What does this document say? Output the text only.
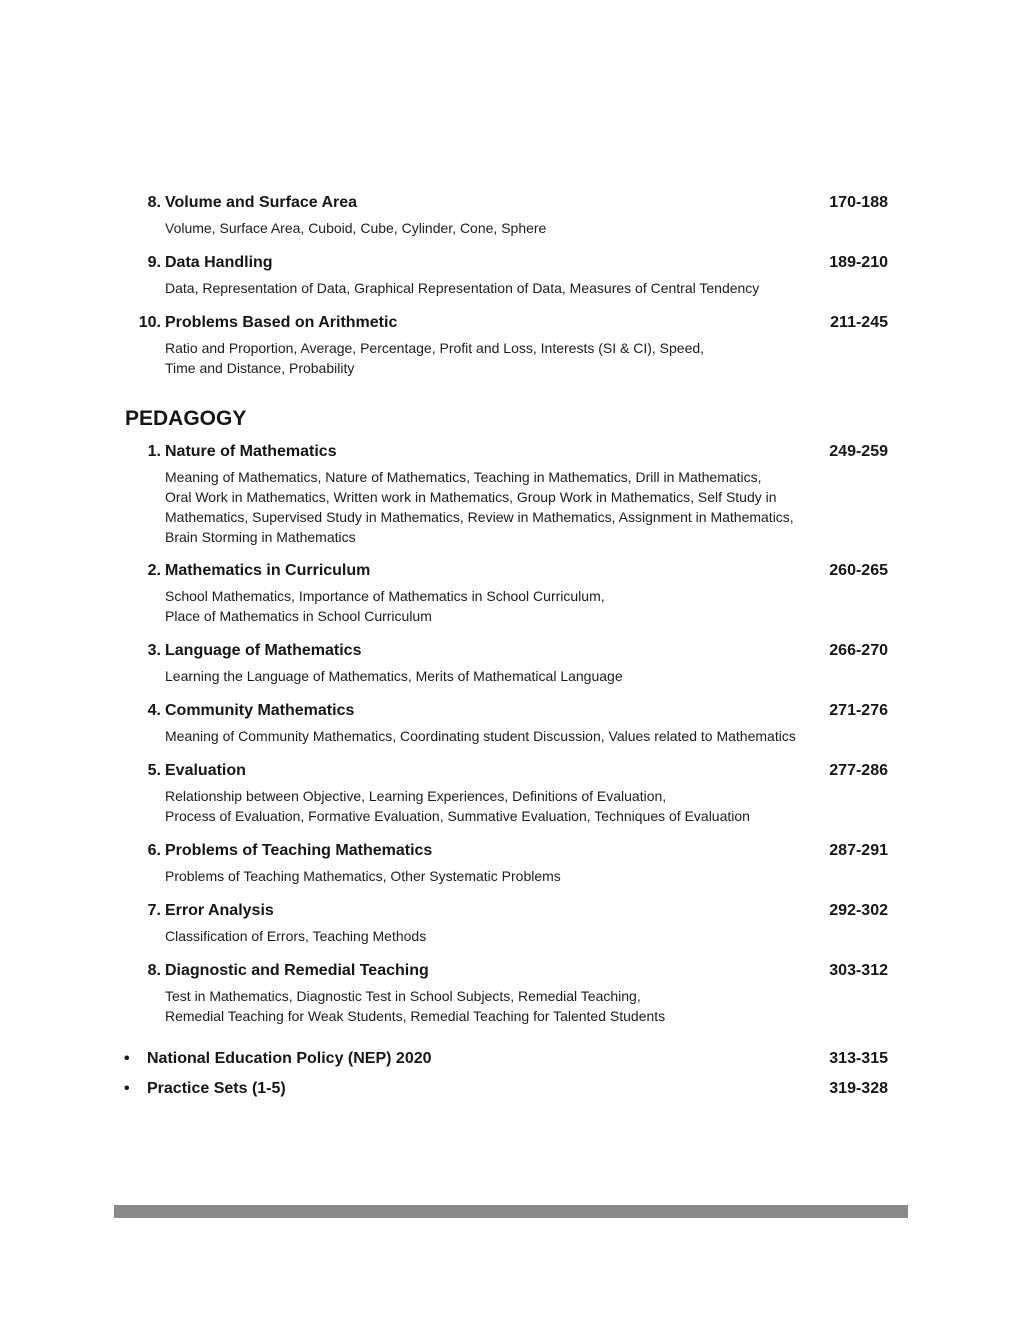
8. Volume and Surface Area	170-188
Volume, Surface Area, Cuboid, Cube, Cylinder, Cone, Sphere
9. Data Handling	189-210
Data, Representation of Data, Graphical Representation of Data, Measures of Central Tendency
10. Problems Based on Arithmetic	211-245
Ratio and Proportion, Average, Percentage, Profit and Loss, Interests (SI & CI), Speed,
Time and Distance, Probability
PEDAGOGY
1. Nature of Mathematics	249-259
Meaning of Mathematics, Nature of Mathematics, Teaching in Mathematics, Drill in Mathematics,
Oral Work in Mathematics, Written work in Mathematics, Group Work in Mathematics, Self Study in
Mathematics, Supervised Study in Mathematics, Review in Mathematics, Assignment in Mathematics,
Brain Storming in Mathematics
2. Mathematics in Curriculum	260-265
School Mathematics, Importance of Mathematics in School Curriculum,
Place of Mathematics in School Curriculum
3. Language of Mathematics	266-270
Learning the Language of Mathematics, Merits of Mathematical Language
4. Community Mathematics	271-276
Meaning of Community Mathematics, Coordinating student Discussion, Values related to Mathematics
5. Evaluation	277-286
Relationship between Objective, Learning Experiences, Definitions of Evaluation,
Process of Evaluation, Formative Evaluation, Summative Evaluation, Techniques of Evaluation
6. Problems of Teaching Mathematics	287-291
Problems of Teaching Mathematics, Other Systematic Problems
7. Error Analysis	292-302
Classification of Errors, Teaching Methods
8. Diagnostic and Remedial Teaching	303-312
Test in Mathematics, Diagnostic Test in School Subjects, Remedial Teaching,
Remedial Teaching for Weak Students, Remedial Teaching for Talented Students
• National Education Policy (NEP) 2020	313-315
• Practice Sets (1-5)	319-328
